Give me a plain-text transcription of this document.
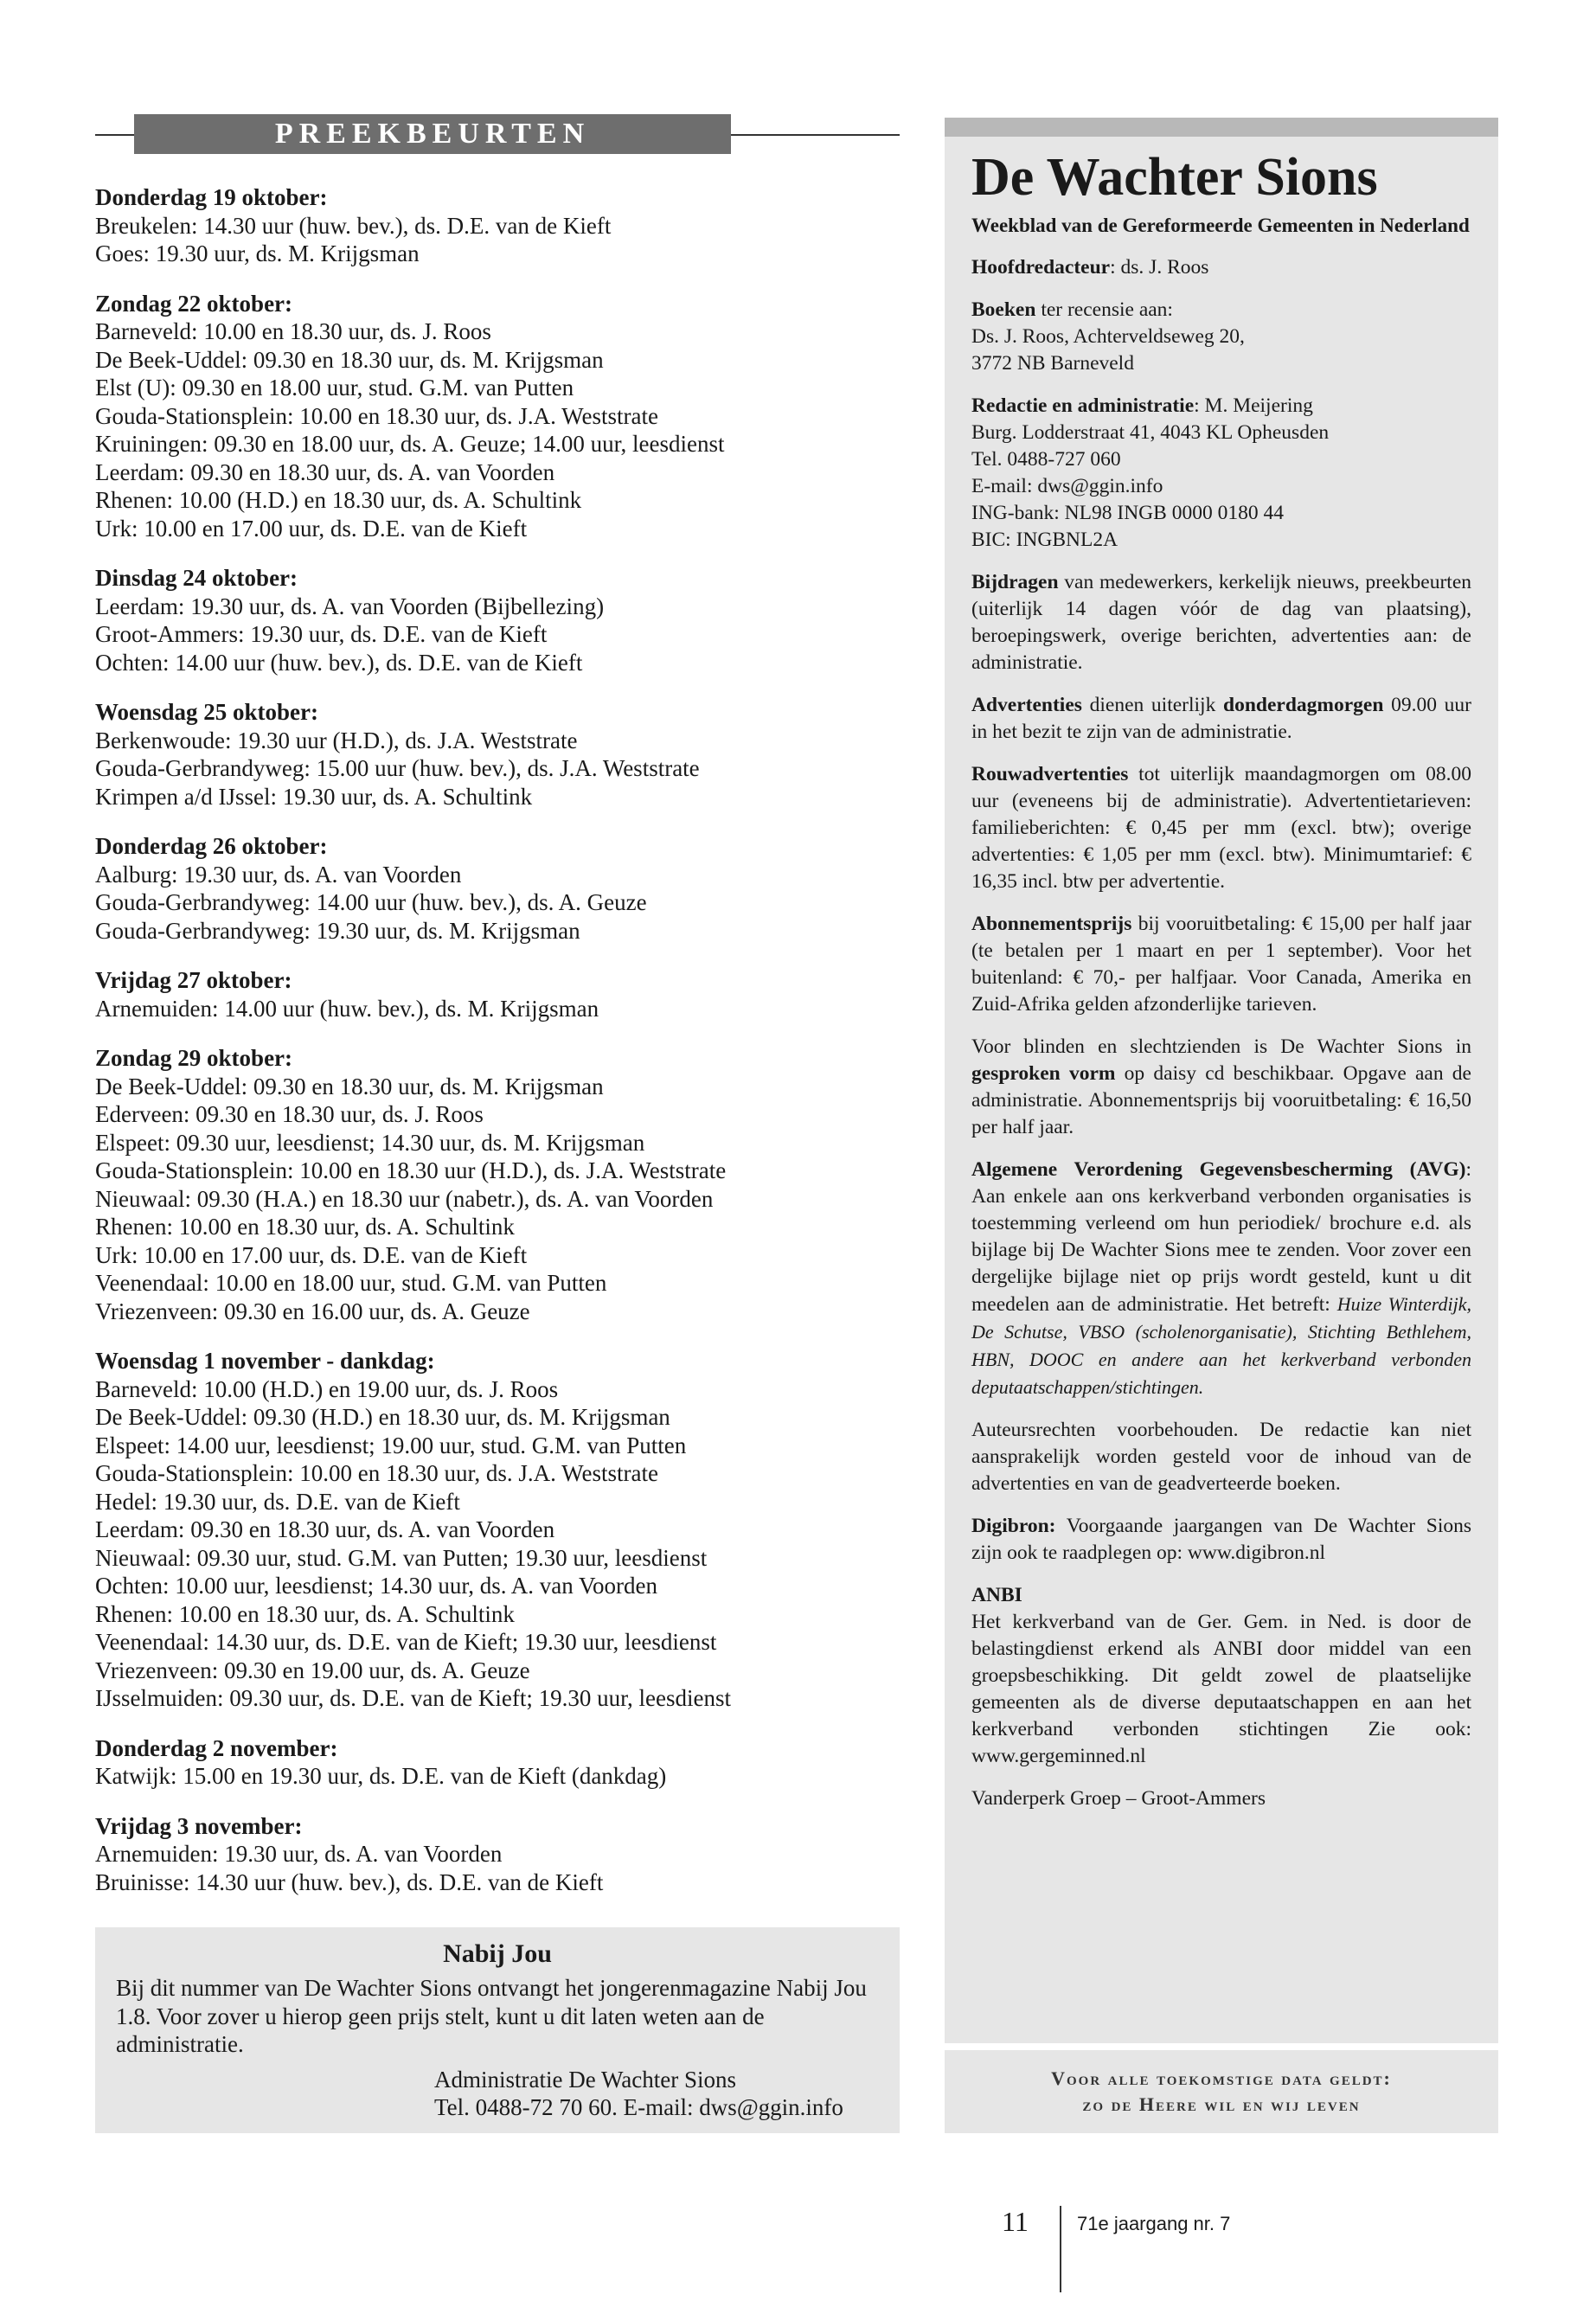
PREEKBEURTEN
Donderdag 19 oktober:
Breukelen: 14.30 uur (huw. bev.), ds. D.E. van de Kieft
Goes: 19.30 uur, ds. M. Krijgsman
Zondag 22 oktober:
Barneveld: 10.00 en 18.30 uur, ds. J. Roos
De Beek-Uddel: 09.30 en 18.30 uur, ds. M. Krijgsman
Elst (U): 09.30 en 18.00 uur, stud. G.M. van Putten
Gouda-Stationsplein: 10.00 en 18.30 uur, ds. J.A. Weststrate
Kruiningen: 09.30 en 18.00 uur, ds. A. Geuze; 14.00 uur, leesdienst
Leerdam: 09.30 en 18.30 uur, ds. A. van Voorden
Rhenen: 10.00 (H.D.) en 18.30 uur, ds. A. Schultink
Urk: 10.00 en 17.00 uur, ds. D.E. van de Kieft
Dinsdag 24 oktober:
Leerdam: 19.30 uur, ds. A. van Voorden (Bijbellezing)
Groot-Ammers: 19.30 uur, ds. D.E. van de Kieft
Ochten: 14.00 uur (huw. bev.), ds. D.E. van de Kieft
Woensdag 25 oktober:
Berkenwoude: 19.30 uur (H.D.), ds. J.A. Weststrate
Gouda-Gerbrandyweg: 15.00 uur (huw. bev.), ds. J.A. Weststrate
Krimpen a/d IJssel: 19.30 uur, ds. A. Schultink
Donderdag 26 oktober:
Aalburg: 19.30 uur, ds. A. van Voorden
Gouda-Gerbrandyweg: 14.00 uur (huw. bev.), ds. A. Geuze
Gouda-Gerbrandyweg: 19.30 uur, ds. M. Krijgsman
Vrijdag 27 oktober:
Arnemuiden: 14.00 uur (huw. bev.), ds. M. Krijgsman
Zondag 29 oktober:
De Beek-Uddel: 09.30 en 18.30 uur, ds. M. Krijgsman
Ederveen: 09.30 en 18.30 uur, ds. J. Roos
Elspeet: 09.30 uur, leesdienst; 14.30 uur, ds. M. Krijgsman
Gouda-Stationsplein: 10.00 en 18.30 uur (H.D.), ds. J.A. Weststrate
Nieuwaal: 09.30 (H.A.) en 18.30 uur (nabetr.), ds. A. van Voorden
Rhenen: 10.00 en 18.30 uur, ds. A. Schultink
Urk: 10.00 en 17.00 uur, ds. D.E. van de Kieft
Veenendaal: 10.00 en 18.00 uur, stud. G.M. van Putten
Vriezenveen: 09.30 en 16.00 uur, ds. A. Geuze
Woensdag 1 november - dankdag:
Barneveld: 10.00 (H.D.) en 19.00 uur, ds. J. Roos
De Beek-Uddel: 09.30 (H.D.) en 18.30 uur, ds. M. Krijgsman
Elspeet: 14.00 uur, leesdienst; 19.00 uur, stud. G.M. van Putten
Gouda-Stationsplein: 10.00 en 18.30 uur, ds. J.A. Weststrate
Hedel: 19.30 uur, ds. D.E. van de Kieft
Leerdam: 09.30 en 18.30 uur, ds. A. van Voorden
Nieuwaal: 09.30 uur, stud. G.M. van Putten; 19.30 uur, leesdienst
Ochten: 10.00 uur, leesdienst; 14.30 uur, ds. A. van Voorden
Rhenen: 10.00 en 18.30 uur, ds. A. Schultink
Veenendaal: 14.30 uur, ds. D.E. van de Kieft; 19.30 uur, leesdienst
Vriezenveen: 09.30 en 19.00 uur, ds. A. Geuze
IJsselmuiden: 09.30 uur, ds. D.E. van de Kieft; 19.30 uur, leesdienst
Donderdag 2 november:
Katwijk: 15.00 en 19.30 uur, ds. D.E. van de Kieft (dankdag)
Vrijdag 3 november:
Arnemuiden: 19.30 uur, ds. A. van Voorden
Bruinisse: 14.30 uur (huw. bev.), ds. D.E. van de Kieft
Nabij Jou
Bij dit nummer van De Wachter Sions ontvangt het jongerenmagazine Nabij Jou 1.8. Voor zover u hierop geen prijs stelt, kunt u dit laten weten aan de administratie.
Administratie De Wachter Sions
Tel. 0488-72 70 60. E-mail: dws@ggin.info
De Wachter Sions
Weekblad van de Gereformeerde Gemeenten in Nederland

Hoofdredacteur: ds. J. Roos

Boeken ter recensie aan:
Ds. J. Roos, Achterveldseweg 20,
3772 NB Barneveld

Redactie en administratie: M. Meijering
Burg. Lodderstraat 41, 4043 KL Opheusden
Tel. 0488-727 060
E-mail: dws@ggin.info
ING-bank: NL98 INGB 0000 0180 44
BIC: INGBNL2A

Bijdragen van medewerkers, kerkelijk nieuws, preekbeurten (uiterlijk 14 dagen vóór de dag van plaatsing), beroepingswerk, overige berichten, advertenties aan: de administratie.

Advertenties dienen uiterlijk donderdagmorgen 09.00 uur in het bezit te zijn van de administratie.

Rouwadvertenties tot uiterlijk maandagmorgen om 08.00 uur (eveneens bij de administratie). Advertentietarieven: familieberichten: € 0,45 per mm (excl. btw); overige advertenties: € 1,05 per mm (excl. btw). Minimumtarief: € 16,35 incl. btw per advertentie.

Abonnementsprijs bij vooruitbetaling: € 15,00 per half jaar (te betalen per 1 maart en per 1 september). Voor het buitenland: € 70,- per halfjaar. Voor Canada, Amerika en Zuid-Afrika gelden afzonderlijke tarieven.

Voor blinden en slechtzienden is De Wachter Sions in gesproken vorm op daisy cd beschikbaar. Opgave aan de administratie. Abonnementsprijs bij vooruitbetaling: € 16,50 per half jaar.

Algemene Verordening Gegevensbescherming (AVG): Aan enkele aan ons kerkverband verbonden organisaties is toestemming verleend om hun periodiek/ brochure e.d. als bijlage bij De Wachter Sions mee te zenden. Voor zover een dergelijke bijlage niet op prijs wordt gesteld, kunt u dit meedelen aan de administratie. Het betreft: Huize Winterdijk, De Schutse, VBSO (scholenorganisatie), Stichting Bethlehem, HBN, DOOC en andere aan het kerkverband verbonden deputaatschappen/stichtingen.

Auteursrechten voorbehouden. De redactie kan niet aansprakelijk worden gesteld voor de inhoud van de advertenties en van de geadverteerde boeken.

Digibron: Voorgaande jaargangen van De Wachter Sions zijn ook te raadplegen op: www.digibron.nl

ANBI
Het kerkverband van de Ger. Gem. in Ned. is door de belastingdienst erkend als ANBI door middel van een groepsbeschikking. Dit geldt zowel de plaatselijke gemeenten als de diverse deputaatschappen en aan het kerkverband verbonden stichtingen Zie ook: www.gergeminned.nl

Vanderperk Groep – Groot-Ammers

Voor alle toekomstige data geldt:
zo de Heere wil en wij leven
11	71e jaargang nr. 7
